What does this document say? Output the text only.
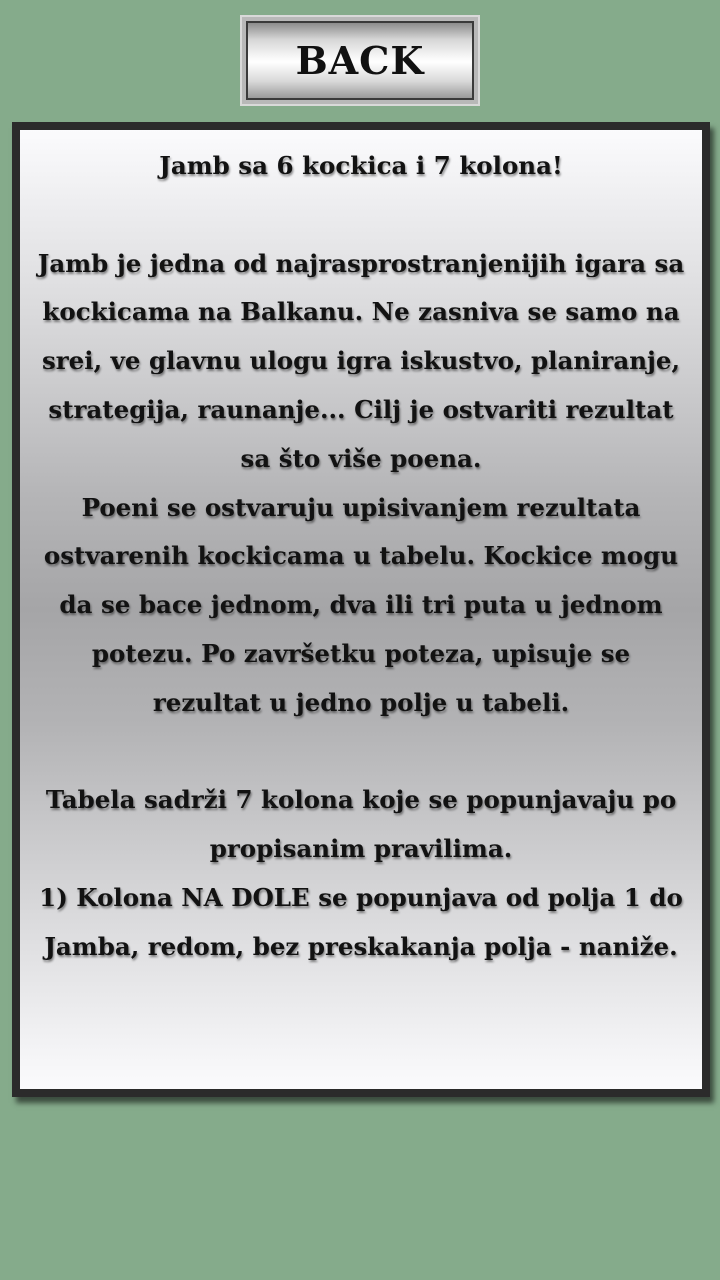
BACK

Jamb sa 6 kockica i 7 kolona!

Jamb je jedna od najrasprostranjenijih igara sa kockicama na Balkanu. Ne zasniva se samo na srei, ve glavnu ulogu igra iskustvo, planiranje, strategija, raunanje... Cilj je ostvariti rezultat sa što više poena.

Poeni se ostvaruju upisivanjem rezultata ostvarenih kockicama u tabelu. Kockice mogu da se bace jednom, dva ili tri puta u jednom potezu. Po završetku poteza, upisuje se rezultat u jedno polje u tabeli.

Tabela sadrži 7 kolona koje se popunjavaju po propisanim pravilima.

1) Kolona NA DOLE se popunjava od polja 1 do Jamba, redom, bez preskakanja polja - naniže.
